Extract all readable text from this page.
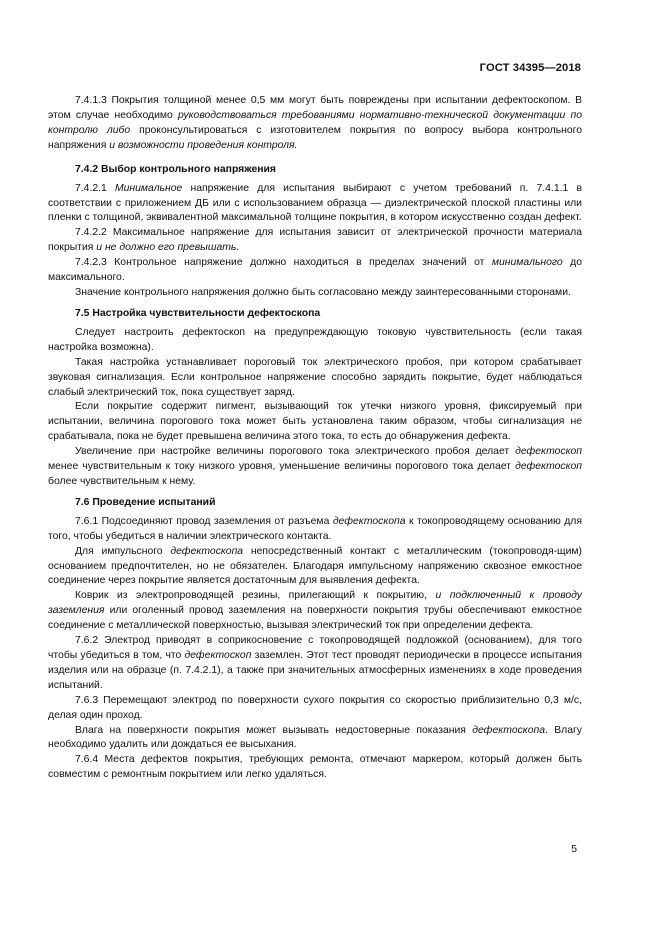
ГОСТ 34395—2018

7.4.1.3 Покрытия толщиной менее 0,5 мм могут быть повреждены при испытании дефектоскопом. В этом случае необходимо руководствоваться требованиями нормативно-технической документации по контролю либо проконсультироваться с изготовителем покрытия по вопросу выбора контрольного напряжения и возможности проведения контроля.

7.4.2 Выбор контрольного напряжения

7.4.2.1 Минимальное напряжение для испытания выбирают с учетом требований п. 7.4.1.1 в соответствии с приложением ДБ или с использованием образца — диэлектрической плоской пластины или пленки с толщиной, эквивалентной максимальной толщине покрытия, в котором искусственно создан дефект.

7.4.2.2 Максимальное напряжение для испытания зависит от электрической прочности материала покрытия и не должно его превышать.

7.4.2.3 Контрольное напряжение должно находиться в пределах значений от минимального до максимального.

Значение контрольного напряжения должно быть согласовано между заинтересованными сторонами.

7.5 Настройка чувствительности дефектоскопа

Следует настроить дефектоскоп на предупреждающую токовую чувствительность (если такая настройка возможна).

Такая настройка устанавливает пороговый ток электрического пробоя, при котором срабатывает звуковая сигнализация. Если контрольное напряжение способно зарядить покрытие, будет наблюдаться слабый электрический ток, пока существует заряд.

Если покрытие содержит пигмент, вызывающий ток утечки низкого уровня, фиксируемый при испытании, величина порогового тока может быть установлена таким образом, чтобы сигнализация не срабатывала, пока не будет превышена величина этого тока, то есть до обнаружения дефекта.

Увеличение при настройке величины порогового тока электрического пробоя делает дефектоскоп менее чувствительным к току низкого уровня, уменьшение величины порогового тока делает дефектоскоп более чувствительным к нему.

7.6 Проведение испытаний

7.6.1 Подсоединяют провод заземления от разъема дефектоскопа к токопроводящему основанию для того, чтобы убедиться в наличии электрического контакта.

Для импульсного дефектоскопа непосредственный контакт с металлическим (токопроводя-щим) основанием предпочтителен, но не обязателен. Благодаря импульсному напряжению сквозное емкостное соединение через покрытие является достаточным для выявления дефекта.

Коврик из электропроводящей резины, прилегающий к покрытию, и подключенный к проводу заземления или оголенный провод заземления на поверхности покрытия трубы обеспечивают емкостное соединение с металлической поверхностью, вызывая электрический ток при определении дефекта.

7.6.2 Электрод приводят в соприкосновение с токопроводящей подложкой (основанием), для того чтобы убедиться в том, что дефектоскоп заземлен. Этот тест проводят периодически в процессе испытания изделия или на образце (п. 7.4.2.1), а также при значительных атмосферных изменениях в ходе проведения испытаний.

7.6.3 Перемещают электрод по поверхности сухого покрытия со скоростью приблизительно 0,3 м/с, делая один проход.

Влага на поверхности покрытия может вызывать недостоверные показания дефектоскопа. Влагу необходимо удалить или дождаться ее высыхания.

7.6.4 Места дефектов покрытия, требующих ремонта, отмечают маркером, который должен быть совместим с ремонтным покрытием или легко удаляться.

5
